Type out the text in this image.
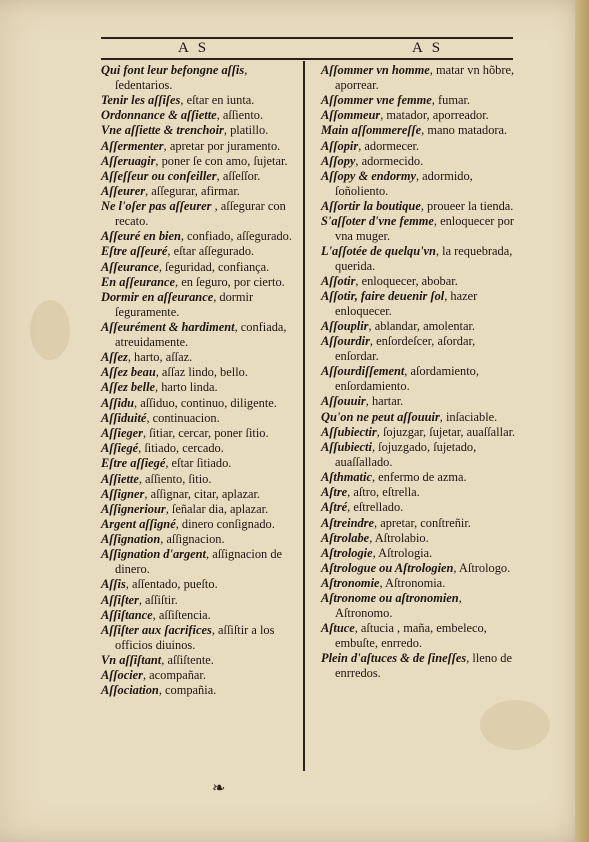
A S	A S
Qui font leur befongne aſſis, ſedentarios.
Tenir les aſſiſes, eſtar en iunta.
Ordonnance & aſſiette, aſſiento.
Vne aſſiette & trenchoir, platillo.
Aſſermenter, apretar por juramento.
Aſſeruagir, poner ſe con amo, ſujetar.
Aſſeſſeur ou conſeiller, aſſeſſor.
Aſſeurer, aſſegurar, afirmar.
Ne l'oſer pas aſſeurer , aſſegurar con recato.
Aſſeuré en bien, confiado, aſſegurado.
Eſtre aſſeuré, eſtar aſſegurado.
Aſſeurance, ſeguridad, confiança.
En aſſeurance, en ſeguro, por cierto.
Dormir en aſſeurance, dormir ſeguramente.
Aſſeurément & hardiment, confiada, atreuidamente.
Aſſez, harto, aſſaz.
Aſſez beau, aſſaz lindo, bello.
Aſſez belle, harto linda.
Aſſidu, aſſiduo, continuo, diligente.
Aſſiduité, continuacion.
Aſſieger, ſitiar, cercar, poner ſitio.
Aſſiegé, ſitiado, cercado.
Eſtre aſſiegé, eſtar ſitiado.
Aſſiette, aſſiento, ſitio.
Aſſigner, aſſignar, citar, aplazar.
Aſſigneriour, ſeñalar dia, aplazar.
Argent aſſigné, dinero conſignado.
Aſſignation, aſſignacion.
Aſſignation d'argent, aſſignacion de dinero.
Aſſis, aſſentado, pueſto.
Aſſiſter, aſſiſtir.
Aſſiſtance, aſſiſtencia.
Aſſiſter aux ſacrifices, aſſiſtir a los officios diuinos.
Vn aſſiſtant, aſſiſtente.
Aſſocier, acompañar.
Aſſociation, compañia.
Aſſommer vn homme, matar vn hõbre, aporrear.
Aſſommer vne femme, fumar.
Aſſommeur, matador, aporreador.
Main aſſommereſſe, mano matadora.
Aſſopir, adormecer.
Aſſopy, adormecido.
Aſſopy & endormy, adormido, ſoñoliento.
Aſſortir la boutique, proueer la tienda.
S'aſſoter d'vne femme, enloquecer por vna muger.
L'aſſotée de quelqu'vn, la requebrada, querida.
Aſſotir, enloquecer, abobar.
Aſſotir, faire deuenir ſol, hazer enloquecer.
Aſſouplir, ablandar, amolentar.
Aſſourdir, enſordeſcer, aſordar, enſordar.
Aſſourdiſſement, aſordamiento, enſordamiento.
Aſſouuir, hartar.
Qu'on ne peut aſſouuir, inſaciable.
Aſſubiectir, ſojuzgar, ſujetar, auaſſallar.
Aſſubiecti, ſojuzgado, ſujetado, auaſſallado.
Aſthmatic, enfermo de azma.
Aſtre, aſtro, eſtrella.
Aſtré, eſtrellado.
Aſtreindre, apretar, conſtreñir.
Aſtrolabe, Aſtrolabio.
Aſtrologie, Aſtrologia.
Aſtrologue ou Aſtrologien, Aſtrologo.
Aſtronomie, Aſtronomia.
Aſtronome ou aſtronomien, Aſtronomo.
Aſtuce, aſtucia , maña, embeleco, embuſte, enrredo.
Plein d'aſtuces & de ſineſſes, lleno de enrredos.
❧
